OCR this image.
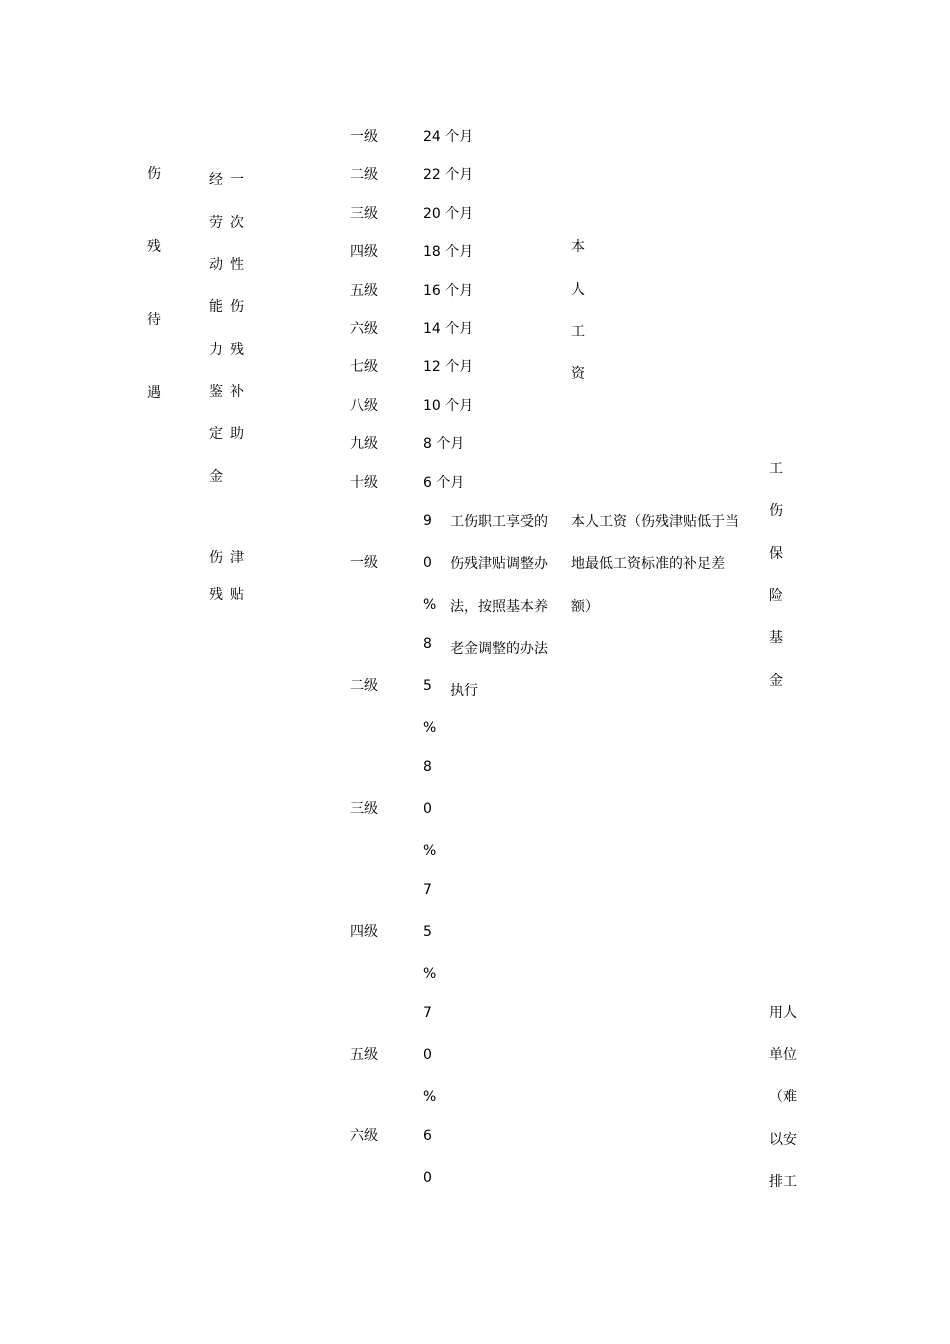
伤
残
待
遇
经
劳
动
能
力
鉴
定
金
一
次
性
伤
残
补
助
伤
残
津
贴
一级
二级
三级
四级
五级
六级
七级
八级
九级
十级
24 个月
22 个月
20 个月
18 个月
16 个月
14 个月
12 个月
10 个月
8 个月
6 个月
本
人
工
资
一级
二级
三级
四级
五级
六级
9
0
%
8
5
%
8
0
%
7
5
%
7
0
%
6
0
工伤职工享受的
伤残津贴调整办
法，按照基本养
老金调整的办法
执行
本人工资（伤残津贴低于当
地最低工资标准的补足差
额）
工
伤
保
险
基
金
用人
单位
（难
以安
排工
